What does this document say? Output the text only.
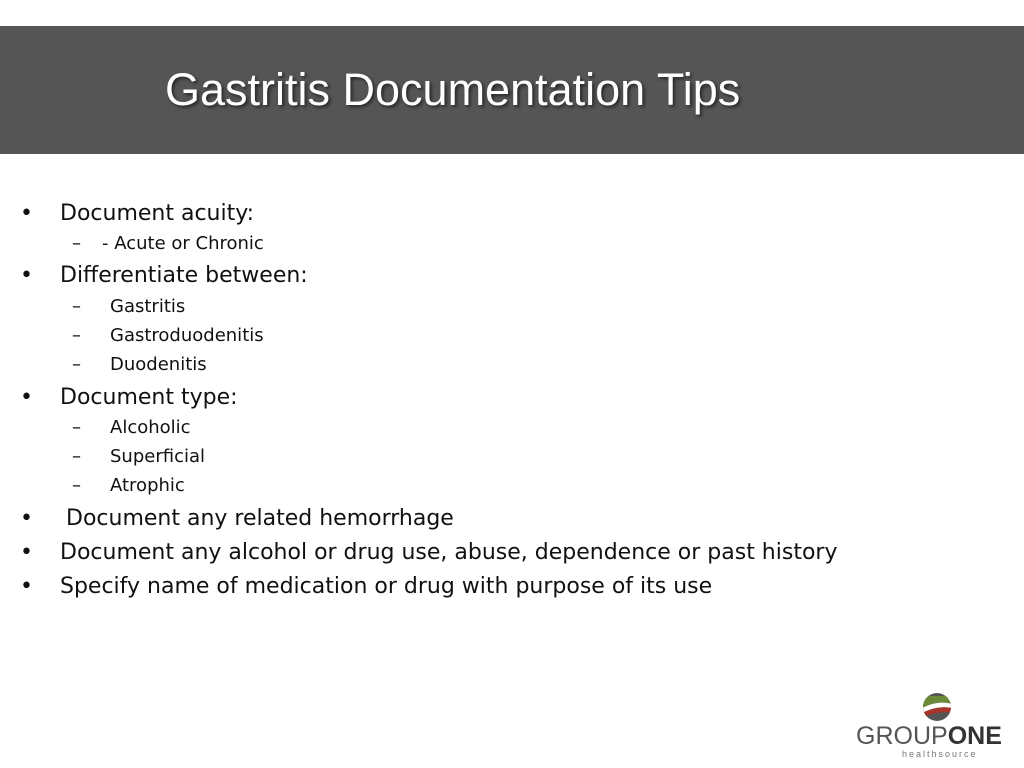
Gastritis Documentation Tips
• Document acuity:
– - Acute or Chronic
• Differentiate between:
– Gastritis
– Gastroduodenitis
– Duodenitis
• Document type:
– Alcoholic
– Superficial
– Atrophic
• Document any related hemorrhage
• Document any alcohol or drug use, abuse, dependence or past history
• Specify name of medication or drug with purpose of its use
GROUPONE
healthsource
